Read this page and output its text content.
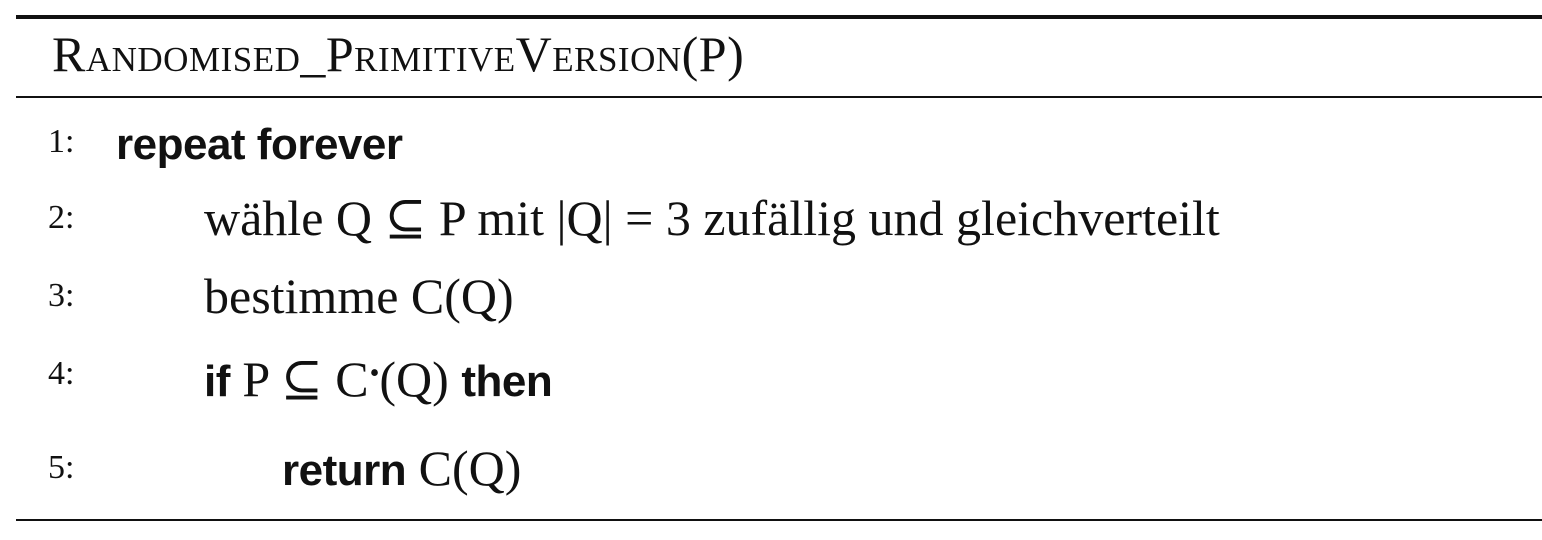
Randomised_PrimitiveVersion(P)
1: repeat forever
2:	wähle Q ⊆ P mit |Q| = 3 zufällig und gleichverteilt
3:	bestimme C(Q)
4:	if P ⊆ C•(Q) then
5:	return C(Q)
